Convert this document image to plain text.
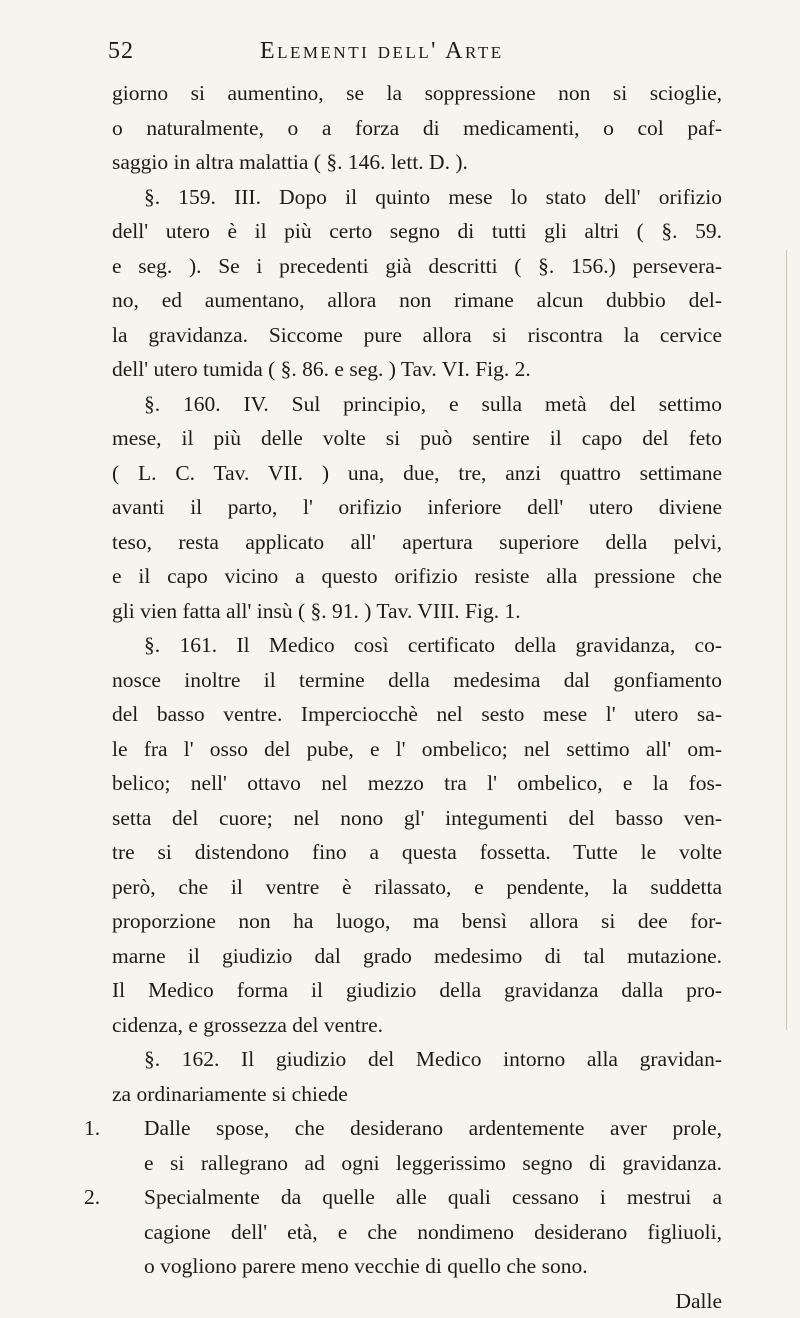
52	Elementi dell' Arte
giorno si aumentino, se la soppressione non si scioglie,
o naturalmente, o a forza di medicamenti, o col paf-
saggio in altra malattia ( §. 146. lett. D. ).
§. 159. III. Dopo il quinto mese lo stato dell' orifizio
dell' utero è il più certo segno di tutti gli altri ( §. 59.
e seg. ). Se i precedenti già descritti ( §. 156.) persevera-
no, ed aumentano, allora non rimane alcun dubbio del-
la gravidanza. Siccome pure allora si riscontra la cervice
dell' utero tumida ( §. 86. e seg. ) Tav. VI. Fig. 2.
§. 160. IV. Sul principio, e sulla metà del settimo
mese, il più delle volte si può sentire il capo del feto
( L. C. Tav. VII. ) una, due, tre, anzi quattro settimane
avanti il parto, l' orifizio inferiore dell' utero diviene
teso, resta applicato all' apertura superiore della pelvi,
e il capo vicino a questo orifizio resiste alla pressione che
gli vien fatta all' insù ( §. 91. ) Tav. VIII. Fig. 1.
§. 161. Il Medico così certificato della gravidanza, co-
nosce inoltre il termine della medesima dal gonfiamento
del basso ventre. Imperciocchè nel sesto mese l' utero sa-
le fra l' osso del pube, e l' ombelico; nel settimo all' om-
belico; nell' ottavo nel mezzo tra l' ombelico, e la fos-
setta del cuore; nel nono gl' integumenti del basso ven-
tre si distendono fino a questa fossetta. Tutte le volte
però, che il ventre è rilassato, e pendente, la suddetta
proporzione non ha luogo, ma bensì allora si dee for-
marne il giudizio dal grado medesimo di tal mutazione.
Il Medico forma il giudizio della gravidanza dalla pro-
cidenza, e grossezza del ventre.
§. 162. Il giudizio del Medico intorno alla gravidan-
za ordinariamente si chiede
1. Dalle spose, che desiderano ardentemente aver prole,
e si rallegrano ad ogni leggerissimo segno di gravidanza.
2. Specialmente da quelle alle quali cessano i mestrui a
cagione dell' età, e che nondimeno desiderano figliuoli,
o vogliono parere meno vecchie di quello che sono.
Dalle
